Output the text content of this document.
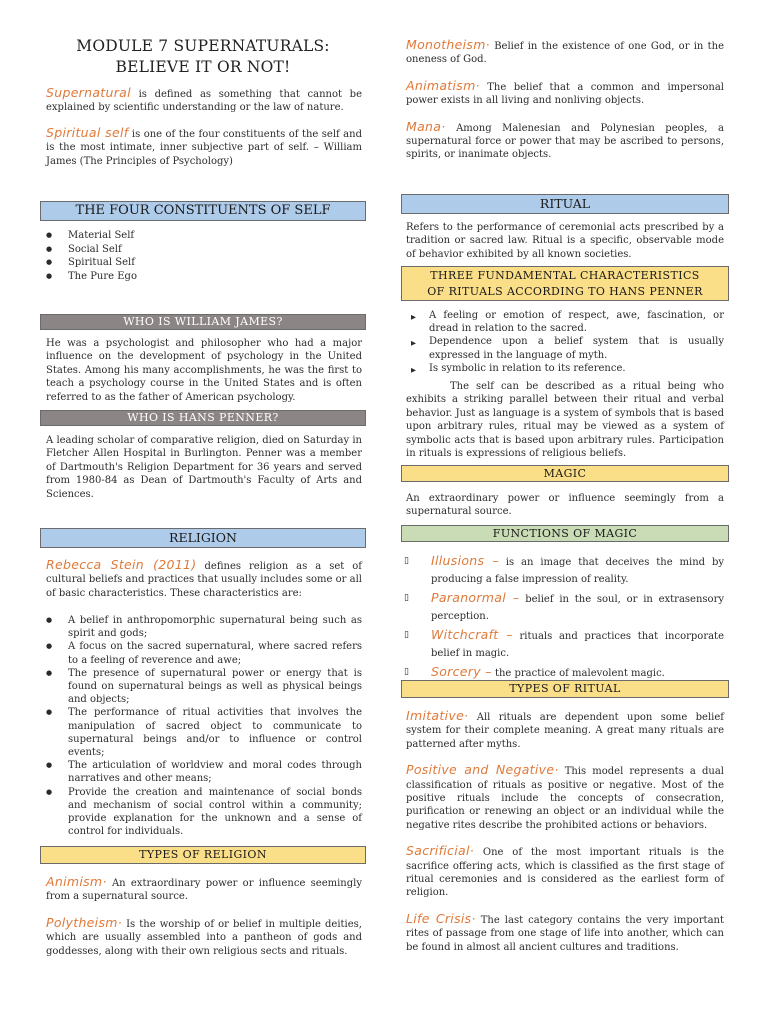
MODULE 7 SUPERNATURALS:
BELIEVE IT OR NOT!

Supernatural is defined as something that cannot be explained by scientific understanding or the law of nature.

Spiritual self is one of the four constituents of the self and is the most intimate, inner subjective part of self. – William James (The Principles of Psychology)

THE FOUR CONSTITUENTS OF SELF
● Material Self
● Social Self
● Spiritual Self
● The Pure Ego
WHO IS WILLIAM JAMES?

He was a psychologist and philosopher who had a major influence on the development of psychology in the United States. Among his many accomplishments, he was the first to teach a psychology course in the United States and is often referred to as the father of American psychology.

WHO IS HANS PENNER?

A leading scholar of comparative religion, died on Saturday in Fletcher Allen Hospital in Burlington. Penner was a member of Dartmouth's Religion Department for 36 years and served from 1980-84 as Dean of Dartmouth's Faculty of Arts and Sciences.

RELIGION

Rebecca Stein (2011) defines religion as a set of cultural beliefs and practices that usually includes some or all of basic characteristics. These characteristics are:

● A belief in anthropomorphic supernatural being such as spirit and gods;
● A focus on the sacred supernatural, where sacred refers to a feeling of reverence and awe;
● The presence of supernatural power or energy that is found on supernatural beings as well as physical beings and objects;
● The performance of ritual activities that involves the manipulation of sacred object to communicate to supernatural beings and/or to influence or control events;
● The articulation of worldview and moral codes through narratives and other means;
● Provide the creation and maintenance of social bonds and mechanism of social control within a community; provide explanation for the unknown and a sense of control for individuals.
TYPES OF RELIGION

Animism· An extraordinary power or influence seemingly from a supernatural source.

Polytheism· Is the worship of or belief in multiple deities, which are usually assembled into a pantheon of gods and goddesses, along with their own religious sects and rituals.

Monotheism· Belief in the existence of one God, or in the oneness of God.

Animatism· The belief that a common and impersonal power exists in all living and nonliving objects.

Mana· Among Malenesian and Polynesian peoples, a supernatural force or power that may be ascribed to persons, spirits, or inanimate objects.

RITUAL

Refers to the performance of ceremonial acts prescribed by a tradition or sacred law. Ritual is a specific, observable mode of behavior exhibited by all known societies.

THREE FUNDAMENTAL CHARACTERISTICS
OF RITUALS ACCORDING TO HANS PENNER
▶ A feeling or emotion of respect, awe, fascination, or dread in relation to the sacred.
▶ Dependence upon a belief system that is usually expressed in the language of myth.
▶ Is symbolic in relation to its reference.

The self can be described as a ritual being who exhibits a striking parallel between their ritual and verbal behavior. Just as language is a system of symbols that is based upon arbitrary rules, ritual may be viewed as a system of symbolic acts that is based upon arbitrary rules. Participation in rituals is expressions of religious beliefs.

MAGIC

An extraordinary power or influence seemingly from a supernatural source.

FUNCTIONS OF MAGIC
▯ Illusions – is an image that deceives the mind by producing a false impression of reality.
▯ Paranormal – belief in the soul, or in extrasensory perception.
▯ Witchcraft – rituals and practices that incorporate belief in magic.
▯ Sorcery – the practice of malevolent magic.
TYPES OF RITUAL

Imitative· All rituals are dependent upon some belief system for their complete meaning. A great many rituals are patterned after myths.

Positive and Negative· This model represents a dual classification of rituals as positive or negative. Most of the positive rituals include the concepts of consecration, purification or renewing an object or an individual while the negative rites describe the prohibited actions or behaviors.

Sacrificial· One of the most important rituals is the sacrifice offering acts, which is classified as the first stage of ritual ceremonies and is considered as the earliest form of religion.

Life Crisis· The last category contains the very important rites of passage from one stage of life into another, which can be found in almost all ancient cultures and traditions.
